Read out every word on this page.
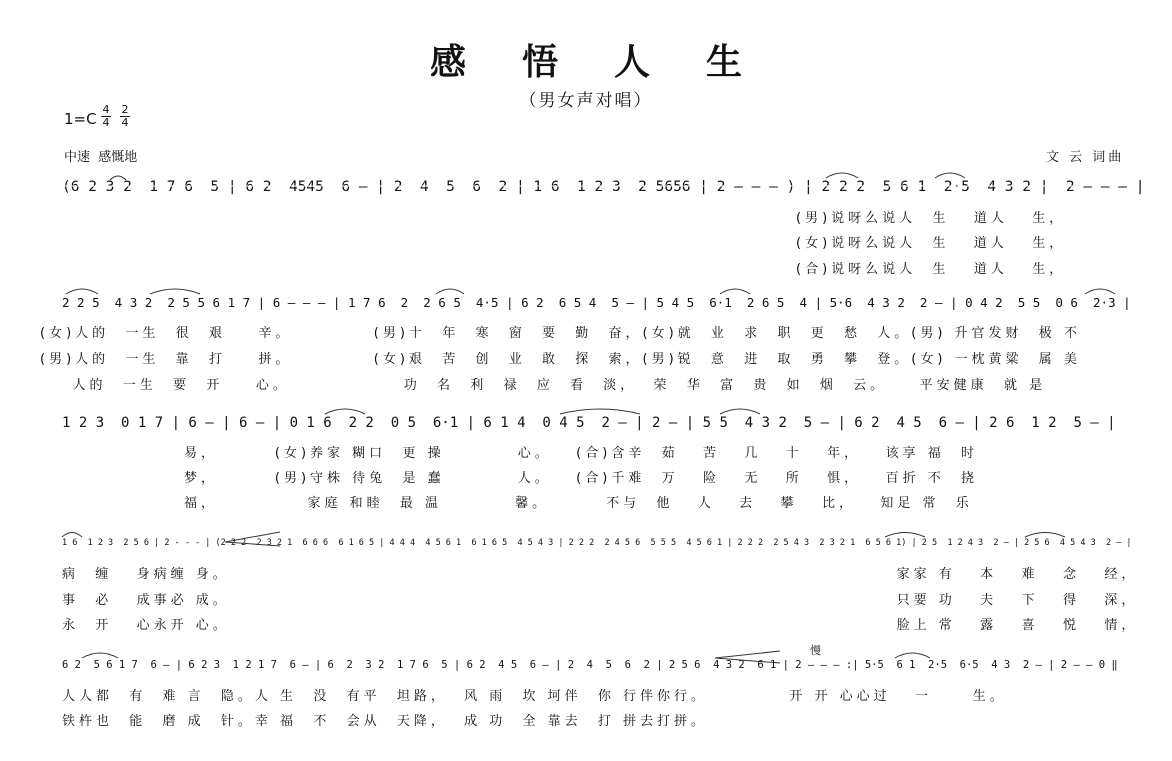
感悟人生
（男女声对唱）
$1=C \frac{4}{4} \frac{2}{4}$
中速  感慨地	文 云 词曲
(6 2 3 2  1 7 6  5 | 6 2  4545  6 — | 2  4  5  6  2 | 1 6  1 2 3  2 5656 | 2 — — — ) | 2 2 2  5 6 1  2·5  4 3 2 |  2 — — — |
(男)说呀么说人  生   道人   生，
(女)说呀么说人  生   道人   生，
(合)说呀么说人  生   道人   生，
2 2 5  4 3 2  2 5 5 6 1 7 | 6 — — — | 1 7 6  2  2 6 5  4·5 | 6 2  6 5 4  5 — | 5 4 5  6·1  2 6 5  4 | 5·6  4 3 2  2 — | 0 4 2  5 5  0 6  2·3 |
(女)人的  一生  很  艰    辛。          (男)十  年  寒  窗  要  勤  奋，(女)就  业  求  职  更  愁  人。(男) 升官发财  极 不
(男)人的  一生  靠  打    拼。          (女)艰  苦  创  业  敢  探  索，(男)锐  意  进  取  勇  攀  登。(女) 一枕黄粱  属 美
人的  一生  要  开    心。              功  名  利  禄  应  看  淡，  荣  华  富  贵  如  烟  云。    平安健康  就 是
1 2 3  0 1 7 | 6 — | 6 — | 0 1 6  2 2  0 5  6·1 | 6 1 4  0 4 5  2 — | 2 — | 5 5  4 3 2  5 — | 6 2  4 5  6 — | 2 6  1 2  5 — |
易，       (女)养家 糊口  更 操         心。   (合)含辛  茹   苦   几   十   年，   该享 福  时
梦，       (男)守株 待兔  是 蠢         人。   (合)千难  万   险   无   所   惧，   百折 不  挠
福，           家庭 和睦  最 温         馨。       不与  他   人   去   攀   比，   知足 常  乐
1 6  1 2 3  2 5 6 | 2 - - - | (2 2 2  2 3 2 1  6 6 6  6 1 6 5 | 4 4 4  4 5 6 1  6 1 6 5  4 5 4 3 | 2 2 2  2 4 5 6  5 5 5  4 5 6 1 | 2 2 2  2 5 4 3  2 3 2 1  6 5 6 1) | 2 5  1 2 4 3  2 — | 2 5 6  4 5 4 3  2 — |
病  缠   身病缠 身。                                                                                  家家 有   本   难   念   经，
事  必   成事必 成。                                                                                  只要 功   夫   下   得   深，
永  开   心永开 心。                                                                                  脸上 常   露   喜   悦   情，
慢
6 2  5 6 1 7  6 — | 6 2 3  1 2 1 7  6 — | 6  2  3 2  1 7 6  5 | 6 2  4 5  6 — | 2  4  5  6  2 | 2 5 6  4 3 2  6 1 | 2 — — — :| 5·5  6 1  2·5  6·5  4 3  2 — | 2 — — 0 ‖
人人都  有  难 言  隐。人 生  没  有平  坦路，  风 雨  坎 坷伴  你 行伴你行。          开 开 心心过   一     生。
铁杵也  能  磨 成  针。幸 福  不  会从  天降，  成 功  全 靠去  打 拼去打拼。
